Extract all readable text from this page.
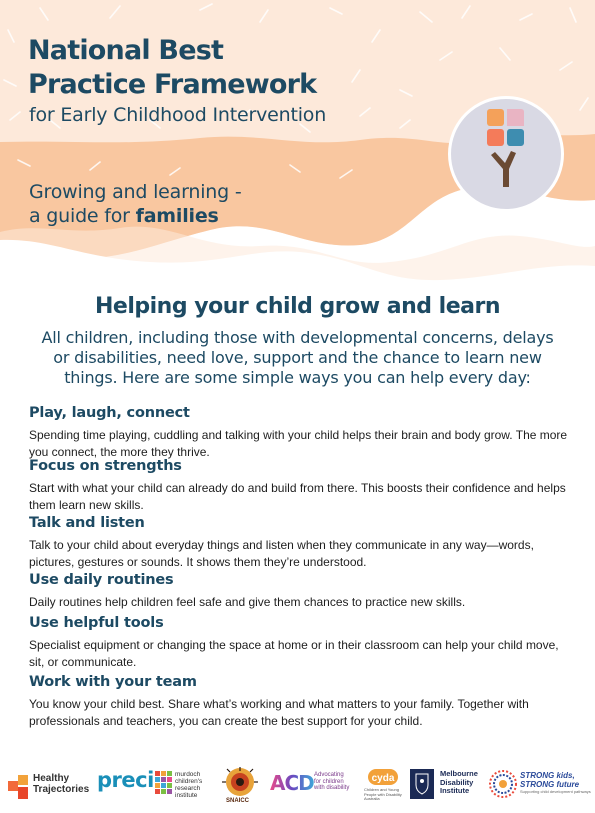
National Best
Practice Framework
for Early Childhood Intervention
Growing and learning -
a guide for families
Helping your child grow and learn
All children, including those with developmental concerns, delays or disabilities, need love, support and the chance to learn new things. Here are some simple ways you can help every day:
Play, laugh, connect

Spending time playing, cuddling and talking with your child helps their brain and body grow. The more you connect, the more they thrive.

Focus on strengths

Start with what your child can already do and build from there. This boosts their confidence and helps them learn new skills.

Talk and listen

Talk to your child about everyday things and listen when they communicate in any way—words, pictures, gestures or sounds. It shows them they’re understood.

Use daily routines

Daily routines help children feel safe and give them chances to practice new skills.

Use helpful tools

Specialist equipment or changing the space at home or in their classroom can help your child move, sit, or communicate.

Work with your team

You know your child best. Share what’s working and what matters to your family. Together with professionals and teachers, you can create the best support for your child.

Healthy
Trajectories preci	murdoch
children's
research
institute
SNAICC
ACD Advocating
for children
with disability
cyda
Children and Young People with Disability Australia
Melbourne
Disability
Institute
STRONG kids,
STRONG future
Supporting child development pathways
